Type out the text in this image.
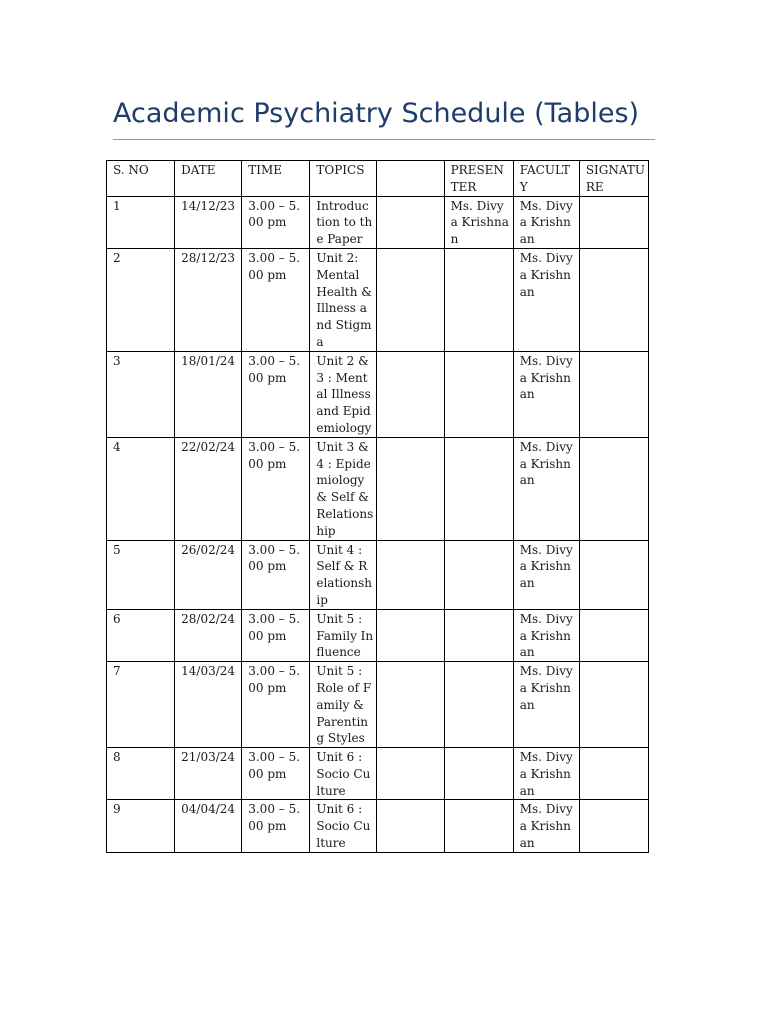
Academic Psychiatry Schedule (Tables)
S. NO	DATE	TIME	TOPICS		PRESENTER	FACULTY	SIGNATURE

1	14/12/23	3.00 – 5.00 pm	Introduction to the Paper		Ms. Divya Krishnan	Ms. Divya Krishnan	

2	28/12/23	3.00 – 5.00 pm	Unit 2: Mental Health & Illness and Stigma			Ms. Divya Krishnan	

3	18/01/24	3.00 – 5.00 pm	Unit 2 & 3 : Mental Illness and Epidemiology			Ms. Divya Krishnan	

4	22/02/24	3.00 – 5.00 pm	Unit 3 & 4 : Epidemiology & Self & Relationship			Ms. Divya Krishnan	

5	26/02/24	3.00 – 5.00 pm	Unit 4 : Self & Relationship			Ms. Divya Krishnan	

6	28/02/24	3.00 – 5.00 pm	Unit 5 : Family Influence			Ms. Divya Krishnan	

7	14/03/24	3.00 – 5.00 pm	Unit 5 : Role of Family & Parenting Styles			Ms. Divya Krishnan	

8	21/03/24	3.00 – 5.00 pm	Unit 6 : Socio Culture			Ms. Divya Krishnan	

9	04/04/24	3.00 – 5.00 pm	Unit 6 : Socio Culture			Ms. Divya Krishnan	
